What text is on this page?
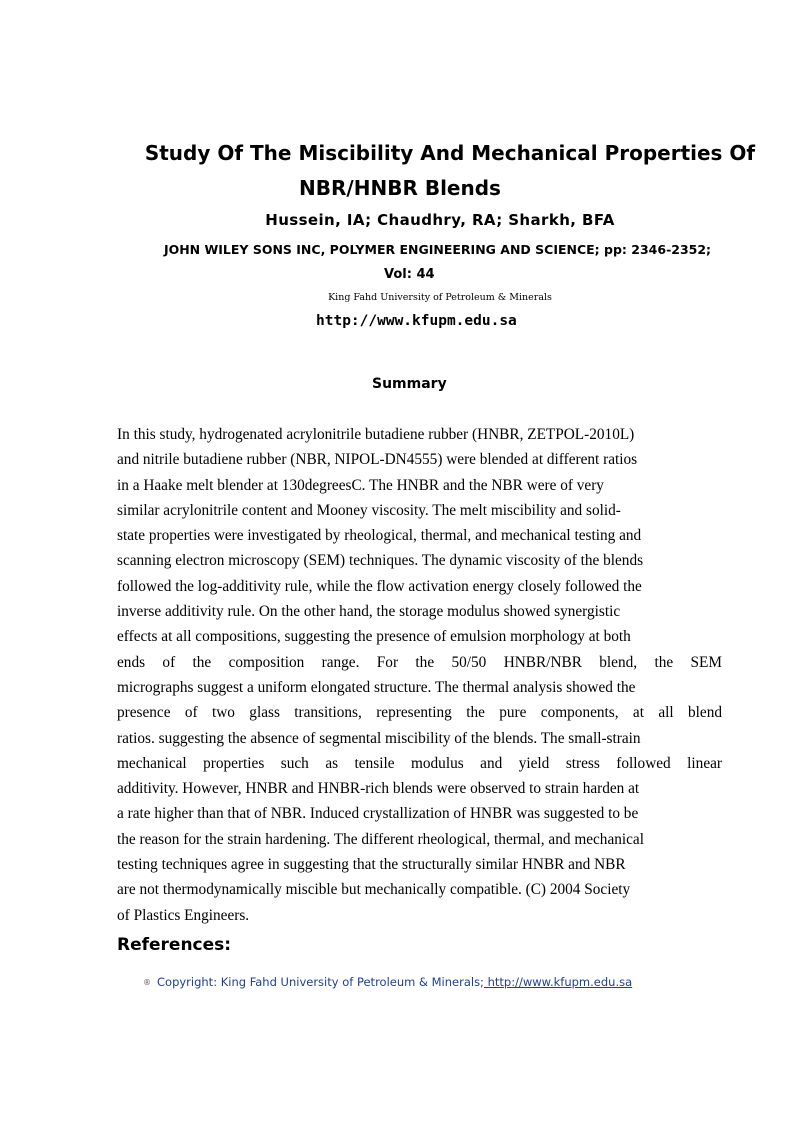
Study Of The Miscibility And Mechanical Properties Of
NBR/HNBR Blends
Hussein, IA; Chaudhry, RA; Sharkh, BFA
JOHN WILEY SONS INC, POLYMER ENGINEERING AND SCIENCE; pp: 2346-2352;
Vol: 44
King Fahd University of Petroleum & Minerals
http://www.kfupm.edu.sa
Summary
In this study, hydrogenated acrylonitrile butadiene rubber (HNBR, ZETPOL-2010L)
and nitrile butadiene rubber (NBR, NIPOL-DN4555) were blended at different ratios
in a Haake melt blender at 130degreesC. The HNBR and the NBR were of very
similar acrylonitrile content and Mooney viscosity. The melt miscibility and solid-
state properties were investigated by rheological, thermal, and mechanical testing and
scanning electron microscopy (SEM) techniques. The dynamic viscosity of the blends
followed the log-additivity rule, while the flow activation energy closely followed the
inverse additivity rule. On the other hand, the storage modulus showed synergistic
effects at all compositions, suggesting the presence of emulsion morphology at both
ends of the composition range. For the 50/50 HNBR/NBR blend, the SEM
micrographs suggest a uniform elongated structure. The thermal analysis showed the
presence of two glass transitions, representing the pure components, at all blend
ratios. suggesting the absence of segmental miscibility of the blends. The small-strain
mechanical properties such as tensile modulus and yield stress followed linear
additivity. However, HNBR and HNBR-rich blends were observed to strain harden at
a rate higher than that of NBR. Induced crystallization of HNBR was suggested to be
the reason for the strain hardening. The different rheological, thermal, and mechanical
testing techniques agree in suggesting that the structurally similar HNBR and NBR
are not thermodynamically miscible but mechanically compatible. (C) 2004 Society
of Plastics Engineers.
References:
® Copyright: King Fahd University of Petroleum & Minerals; http://www.kfupm.edu.sa
